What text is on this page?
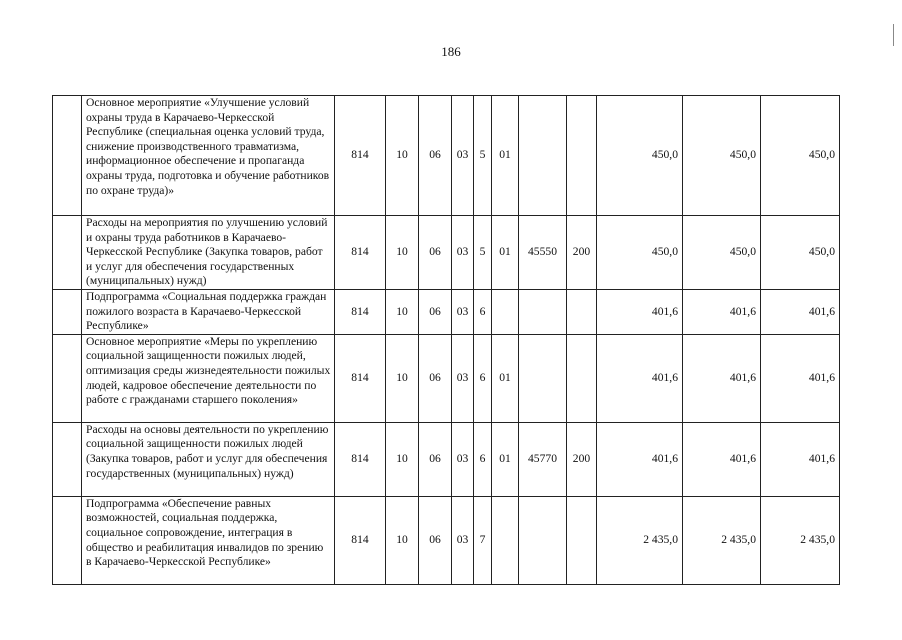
186
	Основное мероприятие «Улучшение условий охраны труда в Карачаево-Черкесской Республике (специальная оценка условий труда, снижение производственного травматизма, информационное обеспечение и пропаганда охраны труда, подготовка и обучение работников по охране труда)»	814	10	06	03	5	01			450,0	450,0	450,0
	Расходы на мероприятия по улучшению условий и охраны труда работников в Карачаево-Черкесской Республике (Закупка товаров, работ и услуг для обеспечения государственных (муниципальных) нужд)	814	10	06	03	5	01	45550	200	450,0	450,0	450,0
	Подпрограмма «Социальная поддержка граждан пожилого возраста в Карачаево-Черкесской Республике»	814	10	06	03	6				401,6	401,6	401,6
	Основное мероприятие «Меры по укреплению социальной защищенности пожилых людей, оптимизация среды жизнедеятельности пожилых людей, кадровое обеспечение деятельности по работе с гражданами старшего поколения»	814	10	06	03	6	01			401,6	401,6	401,6
	Расходы на основы деятельности по укреплению социальной защищенности пожилых людей (Закупка товаров, работ и услуг для обеспечения государственных (муниципальных) нужд)	814	10	06	03	6	01	45770	200	401,6	401,6	401,6
	Подпрограмма «Обеспечение равных возможностей, социальная поддержка, социальное сопровождение, интеграция в общество и реабилитация инвалидов по зрению в Карачаево-Черкесской Республике»	814	10	06	03	7				2 435,0	2 435,0	2 435,0
